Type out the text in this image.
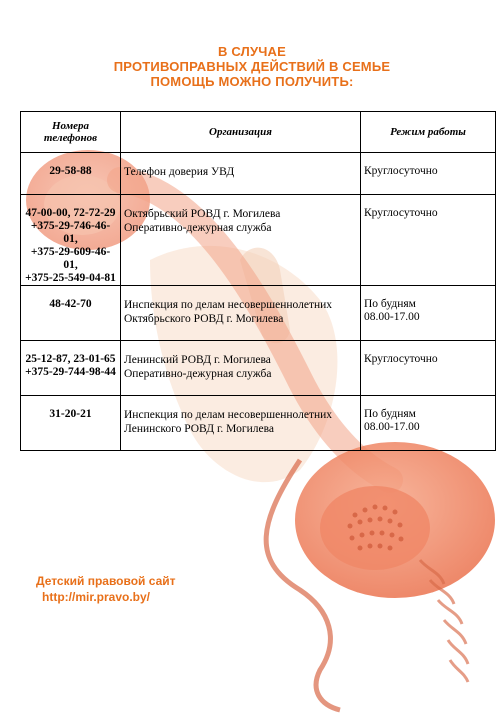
В СЛУЧАЕ
ПРОТИВОПРАВНЫХ ДЕЙСТВИЙ В СЕМЬЕ
ПОМОЩЬ МОЖНО ПОЛУЧИТЬ:
Номера
телефонов	Организация	Режим работы
29-58-88	Телефон доверия УВД	Круглосуточно
47-00-00, 72-72-29
+375-29-746-46-01,
+375-29-609-46-01,
+375-25-549-04-81	Октябрьский РОВД г. Могилева
Оперативно-дежурная служба	Круглосуточно
48-42-70	Инспекция по делам несовершеннолетних
Октябрьского РОВД г. Могилева	По будням
08.00-17.00
25-12-87, 23-01-65
+375-29-744-98-44	Ленинский РОВД г. Могилева
Оперативно-дежурная служба	Круглосуточно
31-20-21	Инспекция по делам несовершеннолетних
Ленинского РОВД г. Могилева	По будням
08.00-17.00
Детский правовой сайт
http://mir.pravo.by/
